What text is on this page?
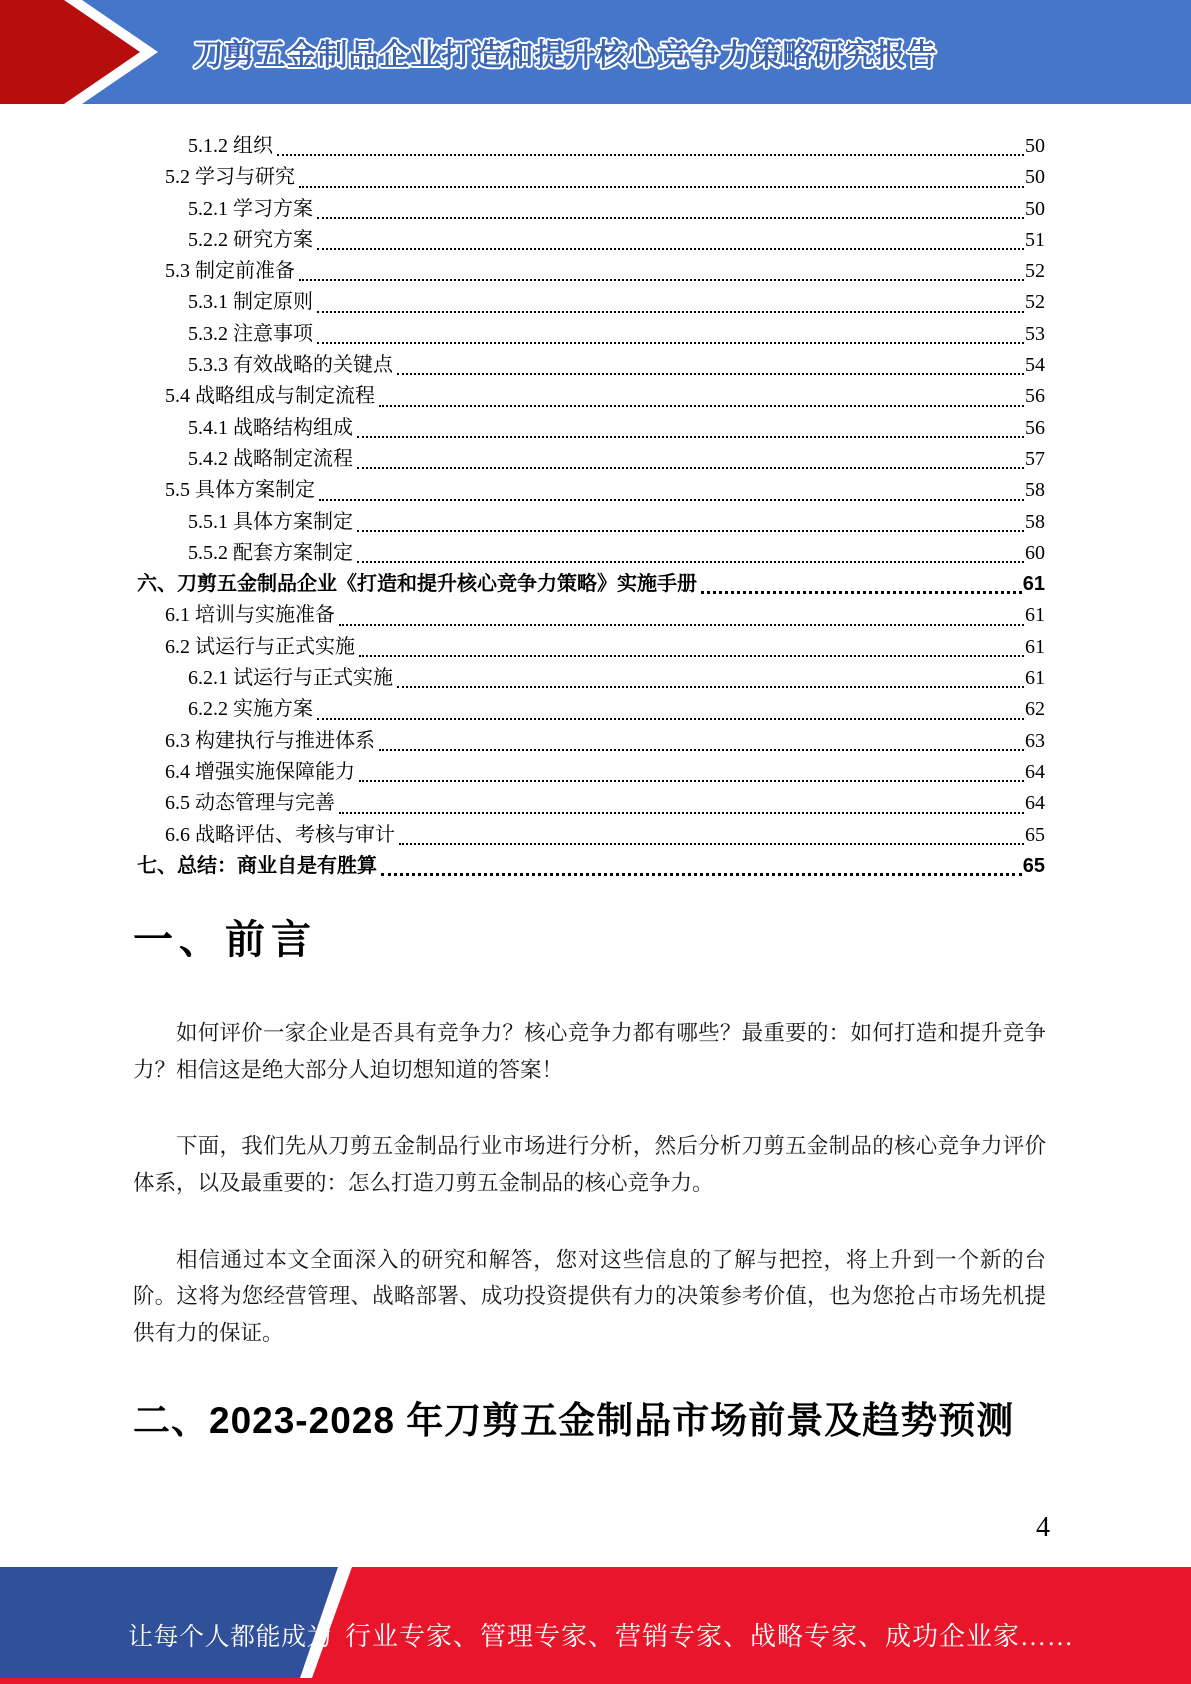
刀剪五金制品企业打造和提升核心竞争力策略研究报告
5.1.2 组织	50
5.2 学习与研究	50
5.2.1 学习方案	50
5.2.2 研究方案	51
5.3 制定前准备	52
5.3.1 制定原则	52
5.3.2 注意事项	53
5.3.3 有效战略的关键点	54
5.4 战略组成与制定流程	56
5.4.1 战略结构组成	56
5.4.2 战略制定流程	57
5.5 具体方案制定	58
5.5.1 具体方案制定	58
5.5.2 配套方案制定	60
六、刀剪五金制品企业《打造和提升核心竞争力策略》实施手册	61
6.1 培训与实施准备	61
6.2 试运行与正式实施	61
6.2.1 试运行与正式实施	61
6.2.2 实施方案	62
6.3 构建执行与推进体系	63
6.4 增强实施保障能力	64
6.5 动态管理与完善	64
6.6 战略评估、考核与审计	65
七、总结：商业自是有胜算	65
一、前言

如何评价一家企业是否具有竞争力？核心竞争力都有哪些？最重要的：如何打造和提升竞争力？相信这是绝大部分人迫切想知道的答案！

下面，我们先从刀剪五金制品行业市场进行分析，然后分析刀剪五金制品的核心竞争力评价体系，以及最重要的：怎么打造刀剪五金制品的核心竞争力。

相信通过本文全面深入的研究和解答，您对这些信息的了解与把控，将上升到一个新的台阶。这将为您经营管理、战略部署、成功投资提供有力的决策参考价值，也为您抢占市场先机提供有力的保证。

二、2023-2028 年刀剪五金制品市场前景及趋势预测
4
让每个人都能成为 行业专家、管理专家、营销专家、战略专家、成功企业家……
